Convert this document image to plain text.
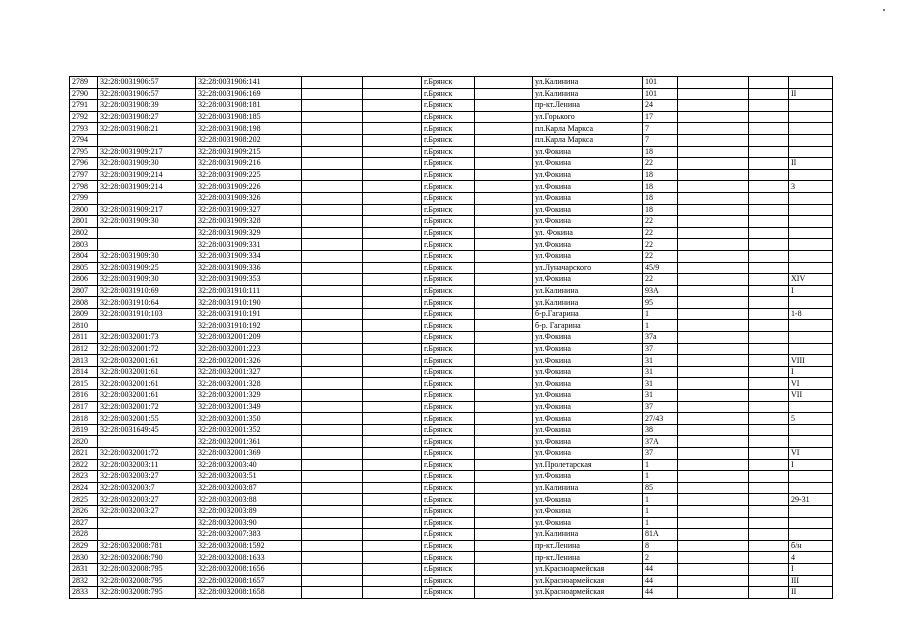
2789	32:28:0031906:57	32:28:0031906:141			г.Брянск		ул.Калинина	101			
2790	32:28:0031906:57	32:28:0031906:169			г.Брянск		ул.Калинина	101			II
2791	32:28:0031908:39	32:28:0031908:181			г.Брянск		пр-кт.Ленина	24			
2792	32:28:0031908:27	32:28:0031908:185			г.Брянск		ул.Горького	17			
2793	32:28:0031908:21	32:28:0031908:198			г.Брянск		пл.Карла Маркса	7			
2794		32:28:0031908:202			г.Брянск		пл.Карла Маркса	7			
2795	32:28:0031909:217	32:28:0031909:215			г.Брянск		ул.Фокина	18			
2796	32:28:0031909:30	32:28:0031909:216			г.Брянск		ул.Фокина	22			II
2797	32:28:0031909:214	32:28:0031909:225			г.Брянск		ул.Фокина	18			
2798	32:28:0031909:214	32:28:0031909:226			г.Брянск		ул.Фокина	18			3
2799		32:28:0031909:326			г.Брянск		ул.Фокина	18			
2800	32:28:0031909:217	32:28:0031909:327			г.Брянск		ул.Фокина	18			
2801	32:28:0031909:30	32:28:0031909:328			г.Брянск		ул.Фокина	22			
2802		32:28:0031909:329			г.Брянск		ул. Фокина	22			
2803		32:28:0031909:331			г.Брянск		ул.Фокина	22			
2804	32:28:0031909:30	32:28:0031909:334			г.Брянск		ул.Фокина	22			
2805	32:28:0031909:25	32:28:0031909:336			г.Брянск		ул.Луначарского	45/9			
2806	32:28:0031909:30	32:28:0031909:353			г.Брянск		ул.Фокина	22			XIV
2807	32:28:0031910:69	32:28:0031910:111			г.Брянск		ул.Калинина	93А			I
2808	32:28:0031910:64	32:28:0031910:190			г.Брянск		ул.Калинина	95			
2809	32:28:0031910:103	32:28:0031910:191			г.Брянск		б-р.Гагарина	1			1-8
2810		32:28:0031910:192			г.Брянск		б-р. Гагарина	1			
2811	32:28:0032001:73	32:28:0032001:209			г.Брянск		ул.Фокина	37а			
2812	32:28:0032001:72	32:28:0032001:223			г.Брянск		ул.Фокина	37			
2813	32:28:0032001:61	32:28:0032001:326			г.Брянск		ул.Фокина	31			VIII
2814	32:28:0032001:61	32:28:0032001:327			г.Брянск		ул.Фокина	31			I
2815	32:28:0032001:61	32:28:0032001:328			г.Брянск		ул.Фокина	31			VI
2816	32:28:0032001:61	32:28:0032001:329			г.Брянск		ул.Фокина	31			VII
2817	32:28:0032001:72	32:28:0032001:349			г.Брянск		ул.Фокина	37			
2818	32:28:0032001:55	32:28:0032001:350			г.Брянск		ул.Фокина	27/43			5
2819	32:28:0031649:45	32:28:0032001:352			г.Брянск		ул.Фокина	38			
2820		32:28:0032001:361			г.Брянск		ул.Фокина	37А			
2821	32:28:0032001:72	32:28:0032001:369			г.Брянск		ул.Фокина	37			VI
2822	32:28:0032003:11	32:28:0032003:40			г.Брянск		ул.Пролетарская	1			I
2823	32:28:0032003:27	32:28:0032003:51			г.Брянск		ул.Фокина	1			
2824	32:28:0032003:7	32:28:0032003:87			г.Брянск		ул.Калинина	85			
2825	32:28:0032003:27	32:28:0032003:88			г.Брянск		ул.Фокина	1			29-31
2826	32:28:0032003:27	32:28:0032003:89			г.Брянск		ул.Фокина	1			
2827		32:28:0032003:90			г.Брянск		ул.Фокина	1			
2828		32:28:0032007:383			г.Брянск		ул.Калинина	81А			
2829	32:28:0032008:781	32:28:0032008:1592			г.Брянск		пр-кт.Ленина	8			б/н
2830	32:28:0032008:790	32:28:0032008:1633			г.Брянск		пр-кт.Ленина	2			4
2831	32:28:0032008:795	32:28:0032008:1656			г.Брянск		ул.Красноармейская	44			I
2832	32:28:0032008:795	32:28:0032008:1657			г.Брянск		ул.Красноармейская	44			III
2833	32:28:0032008:795	32:28:0032008:1658			г.Брянск		ул.Красноармейская	44			II
